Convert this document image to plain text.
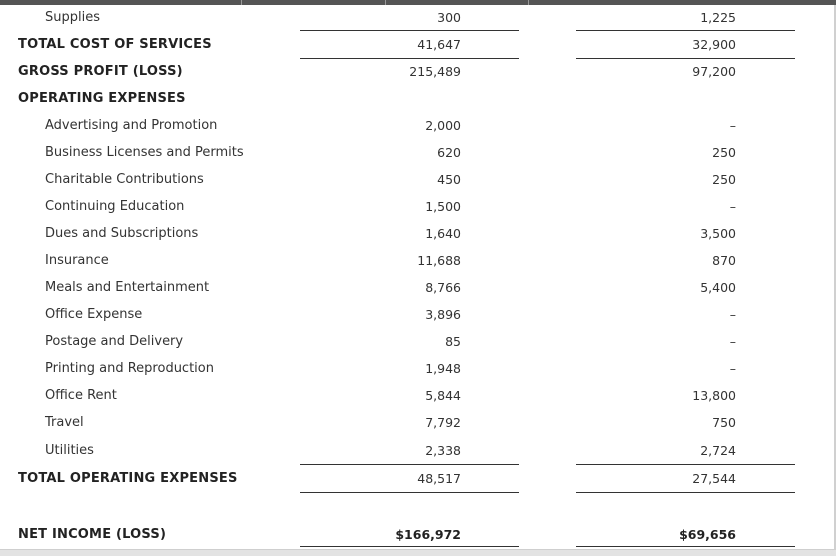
Supplies	300	1,225
TOTAL COST OF SERVICES	41,647	32,900
GROSS PROFIT (LOSS)	215,489	97,200
OPERATING EXPENSES
Advertising and Promotion	2,000	–
Business Licenses and Permits	620	250
Charitable Contributions	450	250
Continuing Education	1,500	–
Dues and Subscriptions	1,640	3,500
Insurance	11,688	870
Meals and Entertainment	8,766	5,400
Office Expense	3,896	–
Postage and Delivery	85	–
Printing and Reproduction	1,948	–
Office Rent	5,844	13,800
Travel	7,792	750
Utilities	2,338	2,724
TOTAL OPERATING EXPENSES	48,517	27,544
NET INCOME (LOSS)	$166,972	$69,656
